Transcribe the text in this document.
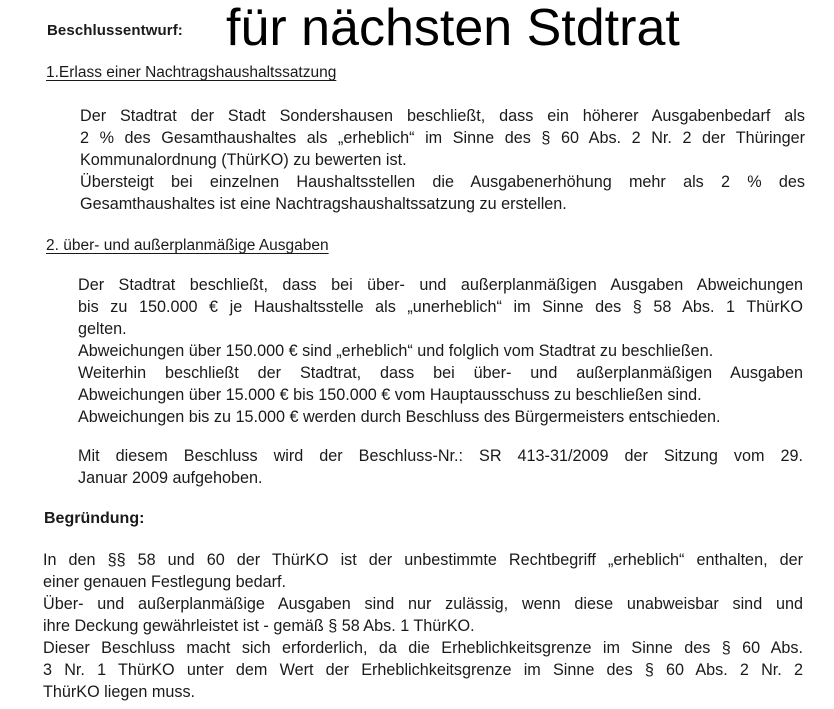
Beschlussentwurf: für nächsten Stdtrat
1.Erlass einer Nachtragshaushaltssatzung
Der Stadtrat der Stadt Sondershausen beschließt, dass ein höherer Ausgabenbedarf als
2 % des Gesamthaushaltes als „erheblich“ im Sinne des § 60 Abs. 2 Nr. 2 der Thüringer
Kommunalordnung (ThürKO) zu bewerten ist.
Übersteigt bei einzelnen Haushaltsstellen die Ausgabenerhöhung mehr als 2 % des
Gesamthaushaltes ist eine Nachtragshaushaltssatzung zu erstellen.
2. über- und außerplanmäßige Ausgaben
Der Stadtrat beschließt, dass bei über- und außerplanmäßigen Ausgaben Abweichungen
bis zu 150.000 € je Haushaltsstelle als „unerheblich“ im Sinne des § 58 Abs. 1 ThürKO
gelten.
Abweichungen über 150.000 € sind „erheblich“ und folglich vom Stadtrat zu beschließen.
Weiterhin beschließt der Stadtrat, dass bei über- und außerplanmäßigen Ausgaben
Abweichungen über 15.000 € bis 150.000 € vom Hauptausschuss zu beschließen sind.
Abweichungen bis zu 15.000 € werden durch Beschluss des Bürgermeisters entschieden.
Mit diesem Beschluss wird der Beschluss-Nr.: SR 413-31/2009 der Sitzung vom 29.
Januar 2009 aufgehoben.
Begründung:
In den §§ 58 und 60 der ThürKO ist der unbestimmte Rechtbegriff „erheblich“ enthalten, der
einer genauen Festlegung bedarf.
Über- und außerplanmäßige Ausgaben sind nur zulässig, wenn diese unabweisbar sind und
ihre Deckung gewährleistet ist - gemäß § 58 Abs. 1 ThürKO.
Dieser Beschluss macht sich erforderlich, da die Erheblichkeitsgrenze im Sinne des § 60 Abs.
3 Nr. 1 ThürKO unter dem Wert der Erheblichkeitsgrenze im Sinne des § 60 Abs. 2 Nr. 2
ThürKO liegen muss.
